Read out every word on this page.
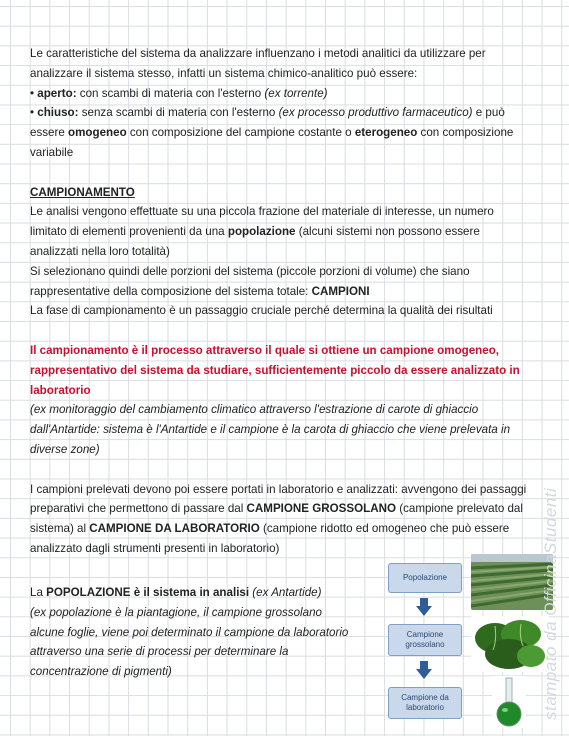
Le caratteristiche del sistema da analizzare influenzano i metodi analitici da utilizzare per analizzare il sistema stesso, infatti un sistema chimico-analitico può essere:
• aperto: con scambi di materia con l'esterno (ex torrente)
• chiuso: senza scambi di materia con l'esterno (ex processo produttivo farmaceutico) e può essere omogeneo con composizione del campione costante o eterogeneo con composizione variabile

CAMPIONAMENTO

Le analisi vengono effettuate su una piccola frazione del materiale di interesse, un numero limitato di elementi provenienti da una popolazione (alcuni sistemi non possono essere analizzati nella loro totalità)

Si selezionano quindi delle porzioni del sistema (piccole porzioni di volume) che siano rappresentative della composizione del sistema totale: CAMPIONI

La fase di campionamento è un passaggio cruciale perché determina la qualità dei risultati

Il campionamento è il processo attraverso il quale si ottiene un campione omogeneo, rappresentativo del sistema da studiare, sufficientemente piccolo da essere analizzato in laboratorio

(ex monitoraggio del cambiamento climatico attraverso l'estrazione di carote di ghiaccio dall'Antartide: sistema è l'Antartide e il campione è la carota di ghiaccio che viene prelevata in diverse zone)

I campioni prelevati devono poi essere portati in laboratorio e analizzati: avvengono dei passaggi preparativi che permettono di passare dal CAMPIONE GROSSOLANO (campione prelevato dal sistema) al CAMPIONE DA LABORATORIO (campione ridotto ed omogeneo che può essere analizzato dagli strumenti presenti in laboratorio)

La POPOLAZIONE è il sistema in analisi (ex Antartide)

(ex popolazione è la piantagione, il campione grossolano alcune foglie, viene poi determinato il campione da laboratorio attraverso una serie di processi per determinare la concentrazione di pigmenti)

Popolazione
Campione grossolano
Campione da laboratorio	stampato da OfficinaStudenti
